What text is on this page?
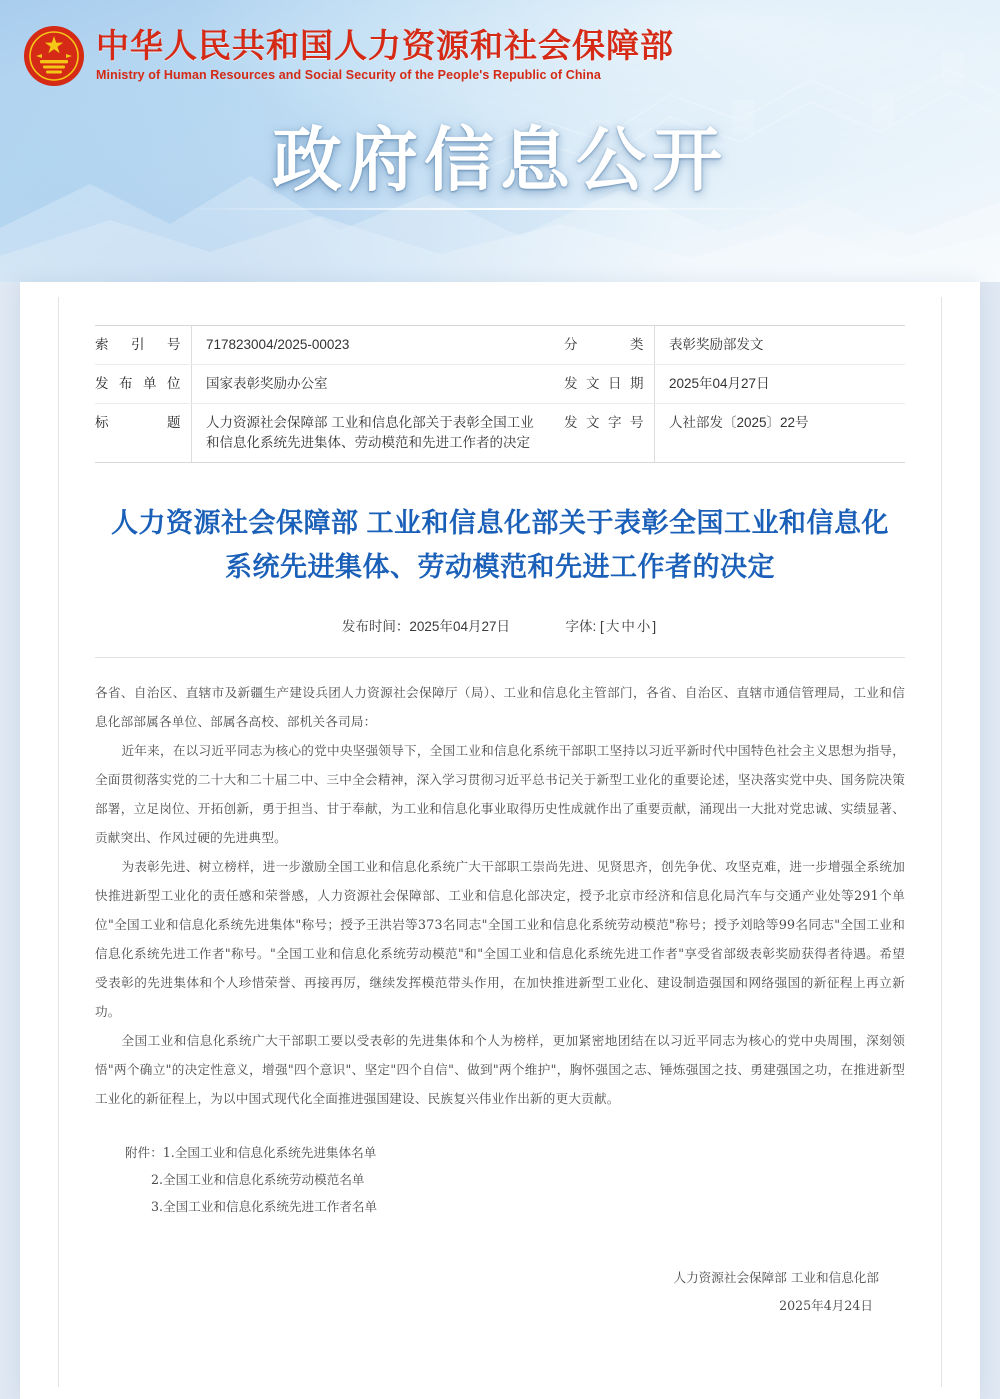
中华人民共和国人力资源和社会保障部
Ministry of Human Resources and Social Security of the People's Republic of China
政府信息公开
索 引 号		717823004/2025-00023	分 类		表彰奖励部发文
发布单位		国家表彰奖励办公室	发文日期		2025年04月27日
标 题		人力资源社会保障部 工业和信息化部关于表彰全国工业和信息化系统先进集体、劳动模范和先进工作者的决定	发文字号		人社部发〔2025〕22号
人力资源社会保障部 工业和信息化部关于表彰全国工业和信息化系统先进集体、劳动模范和先进工作者的决定
发布时间：2025年04月27日	字体: [大中小]

各省、自治区、直辖市及新疆生产建设兵团人力资源社会保障厅（局）、工业和信息化主管部门，各省、自治区、直辖市通信管理局，工业和信息化部部属各单位、部属各高校、部机关各司局：

近年来，在以习近平同志为核心的党中央坚强领导下，全国工业和信息化系统干部职工坚持以习近平新时代中国特色社会主义思想为指导，全面贯彻落实党的二十大和二十届二中、三中全会精神，深入学习贯彻习近平总书记关于新型工业化的重要论述，坚决落实党中央、国务院决策部署，立足岗位、开拓创新，勇于担当、甘于奉献，为工业和信息化事业取得历史性成就作出了重要贡献，涌现出一大批对党忠诚、实绩显著、贡献突出、作风过硬的先进典型。

为表彰先进、树立榜样，进一步激励全国工业和信息化系统广大干部职工崇尚先进、见贤思齐，创先争优、攻坚克难，进一步增强全系统加快推进新型工业化的责任感和荣誉感，人力资源社会保障部、工业和信息化部决定，授予北京市经济和信息化局汽车与交通产业处等291个单位"全国工业和信息化系统先进集体"称号；授予王洪岩等373名同志"全国工业和信息化系统劳动模范"称号；授予刘晗等99名同志"全国工业和信息化系统先进工作者"称号。"全国工业和信息化系统劳动模范"和"全国工业和信息化系统先进工作者"享受省部级表彰奖励获得者待遇。希望受表彰的先进集体和个人珍惜荣誉、再接再厉，继续发挥模范带头作用，在加快推进新型工业化、建设制造强国和网络强国的新征程上再立新功。

全国工业和信息化系统广大干部职工要以受表彰的先进集体和个人为榜样，更加紧密地团结在以习近平同志为核心的党中央周围，深刻领悟"两个确立"的决定性意义，增强"四个意识"、坚定"四个自信"、做到"两个维护"，胸怀强国之志、锤炼强国之技、勇建强国之功，在推进新型工业化的新征程上，为以中国式现代化全面推进强国建设、民族复兴伟业作出新的更大贡献。

附件：1.全国工业和信息化系统先进集体名单
2.全国工业和信息化系统劳动模范名单
3.全国工业和信息化系统先进工作者名单
人力资源社会保障部 工业和信息化部
2025年4月24日
